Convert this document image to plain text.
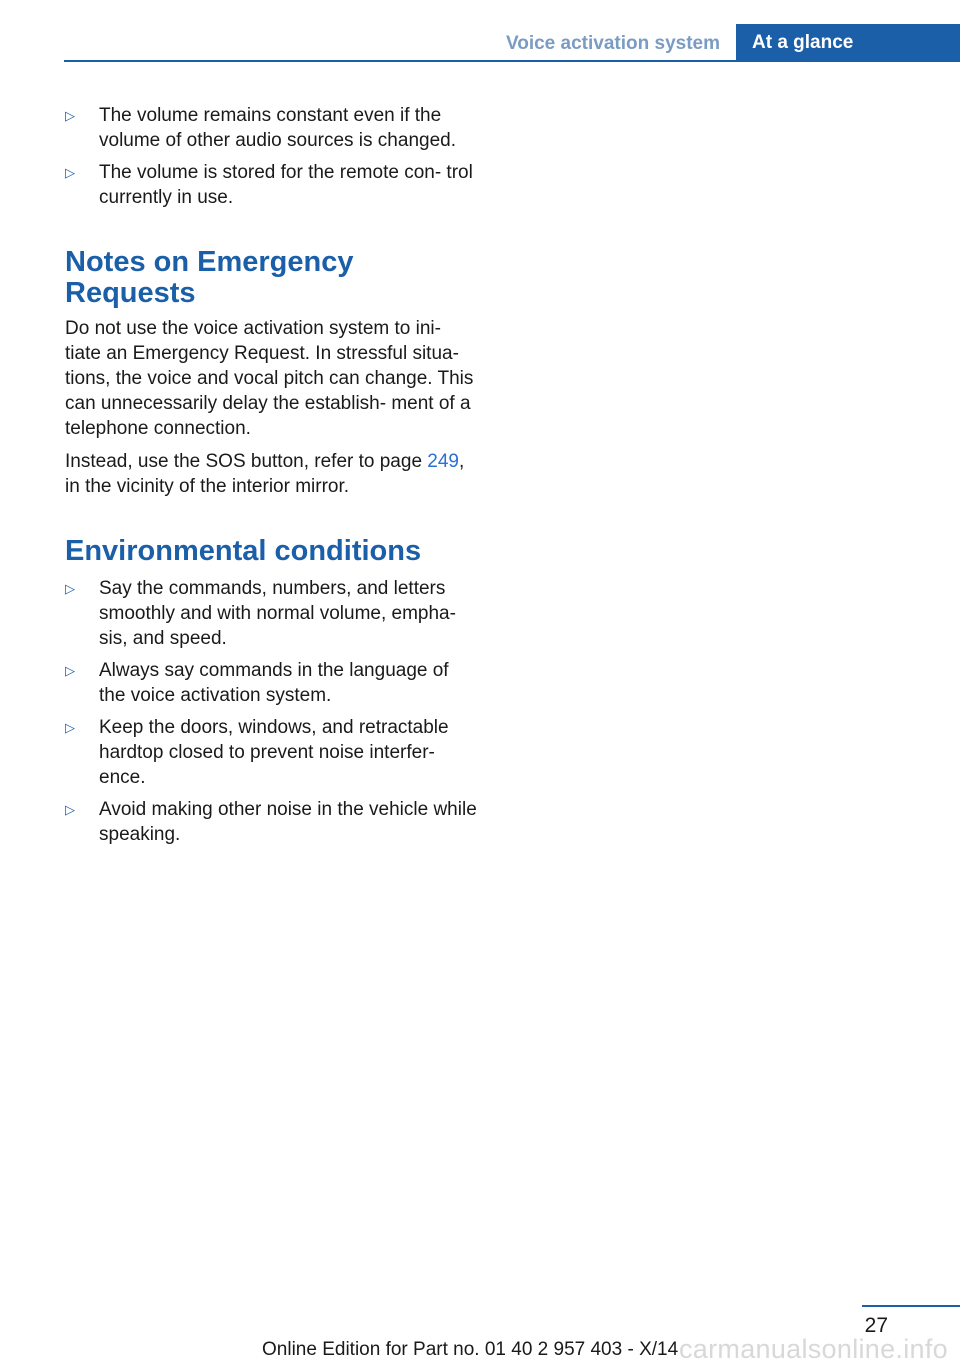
Voice activation system	At a glance
▷ The volume remains constant even if the volume of other audio sources is changed.
▷ The volume is stored for the remote con‐ trol currently in use.
Notes on Emergency Requests

Do not use the voice activation system to ini‐ tiate an Emergency Request. In stressful situa‐ tions, the voice and vocal pitch can change. This can unnecessarily delay the establish‐ ment of a telephone connection.

Instead, use the SOS button, refer to page 249, in the vicinity of the interior mirror.

Environmental conditions
▷ Say the commands, numbers, and letters smoothly and with normal volume, empha‐ sis, and speed.
▷ Always say commands in the language of the voice activation system.
▷ Keep the doors, windows, and retractable hardtop closed to prevent noise interfer‐ ence.
▷ Avoid making other noise in the vehicle while speaking.
27
carmanualsonline.info
Online Edition for Part no. 01 40 2 957 403 - X/14
